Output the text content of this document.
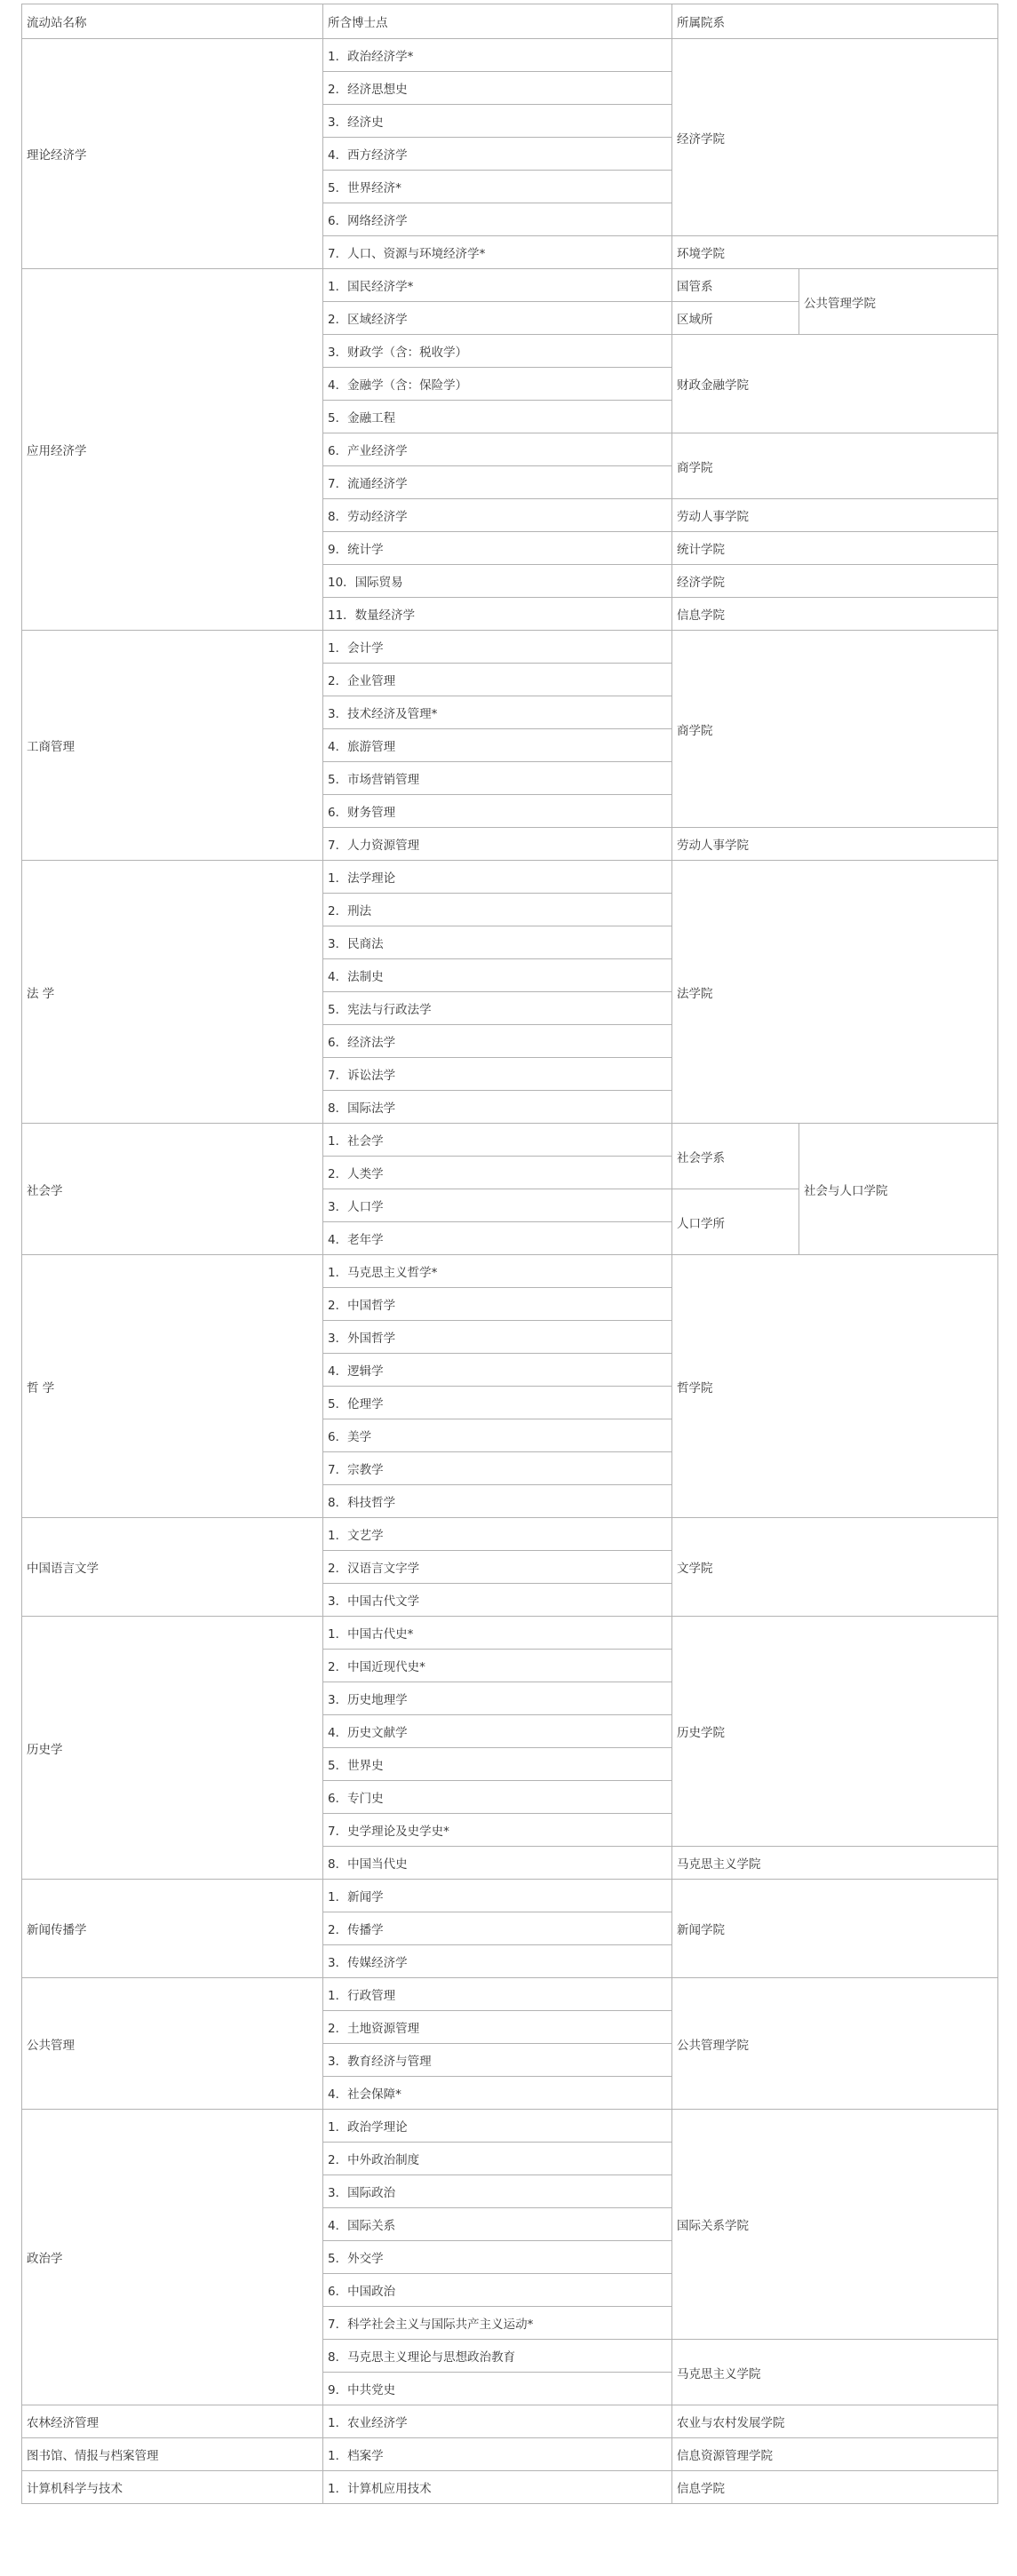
流动站名称	所含博士点	所属院系	
理论经济学	1．政治经济学*	经济学院	
	2．经济思想史		
	3．经济史		
	4．西方经济学		
	5．世界经济*		
	6．网络经济学		
	7．人口、资源与环境经济学*	环境学院	
应用经济学	1．国民经济学*	国管系	公共管理学院
	2．区域经济学	区域所	
	3．财政学（含：税收学）	财政金融学院	
	4．金融学（含：保险学）		
	5．金融工程		
	6．产业经济学	商学院	
	7．流通经济学		
	8．劳动经济学	劳动人事学院	
	9．统计学	统计学院	
	10．国际贸易	经济学院	
	11．数量经济学	信息学院	
工商管理	1．会计学	商学院	
	2．企业管理		
	3．技术经济及管理*		
	4．旅游管理		
	5．市场营销管理		
	6．财务管理		
	7．人力资源管理	劳动人事学院	
法 学	1．法学理论	法学院	
	2．刑法		
	3．民商法		
	4．法制史		
	5．宪法与行政法学		
	6．经济法学		
	7．诉讼法学		
	8．国际法学		
社会学	1．社会学	社会学系	社会与人口学院
	2．人类学		
	3．人口学	人口学所	
	4．老年学		
哲 学	1．马克思主义哲学*	哲学院	
	2．中国哲学		
	3．外国哲学		
	4．逻辑学		
	5．伦理学		
	6．美学		
	7．宗教学		
	8．科技哲学		
中国语言文学	1．文艺学	文学院	
	2．汉语言文字学		
	3．中国古代文学		
历史学	1．中国古代史*	历史学院	
	2．中国近现代史*		
	3．历史地理学		
	4．历史文献学		
	5．世界史		
	6．专门史		
	7．史学理论及史学史*		
	8．中国当代史	马克思主义学院	
新闻传播学	1．新闻学	新闻学院	
	2．传播学		
	3．传媒经济学		
公共管理	1．行政管理	公共管理学院	
	2．土地资源管理		
	3．教育经济与管理		
	4．社会保障*		
政治学	1．政治学理论	国际关系学院	
	2．中外政治制度		
	3．国际政治		
	4．国际关系		
	5．外交学		
	6．中国政治		
	7．科学社会主义与国际共产主义运动*		
	8．马克思主义理论与思想政治教育	马克思主义学院	
	9．中共党史		
农林经济管理	1．农业经济学	农业与农村发展学院	
图书馆、情报与档案管理	1．档案学	信息资源管理学院	
计算机科学与技术	1．计算机应用技术	信息学院	
